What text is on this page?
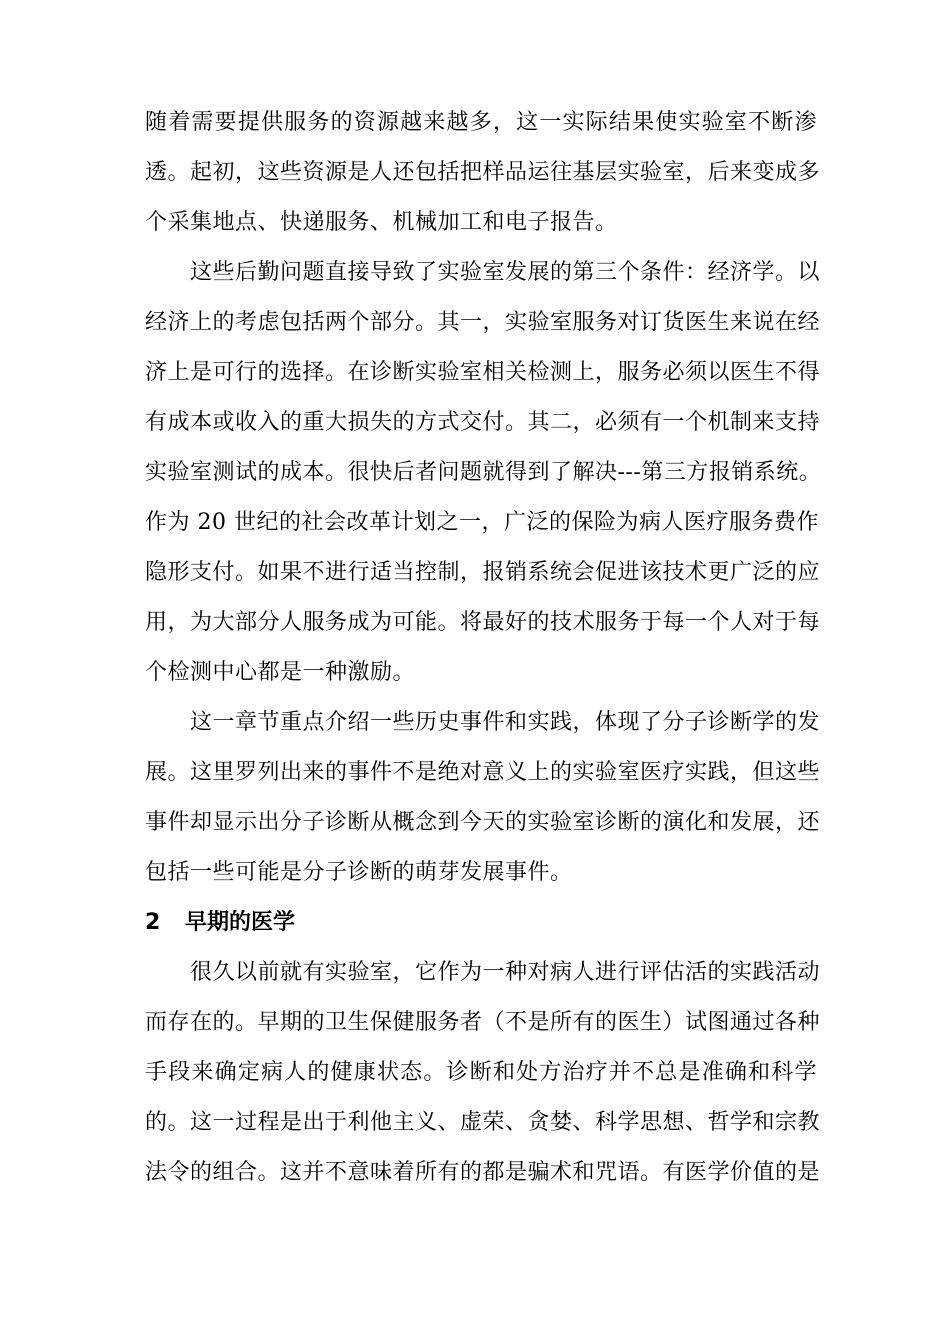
随着需要提供服务的资源越来越多，这一实际结果使实验室不断渗
透。起初，这些资源是人还包括把样品运往基层实验室，后来变成多
个采集地点、快递服务、机械加工和电子报告。
这些后勤问题直接导致了实验室发展的第三个条件：经济学。以
经济上的考虑包括两个部分。其一，实验室服务对订货医生来说在经
济上是可行的选择。在诊断实验室相关检测上，服务必须以医生不得
有成本或收入的重大损失的方式交付。其二，必须有一个机制来支持
实验室测试的成本。很快后者问题就得到了解决---第三方报销系统。
作为 20 世纪的社会改革计划之一，广泛的保险为病人医疗服务费作
隐形支付。如果不进行适当控制，报销系统会促进该技术更广泛的应
用，为大部分人服务成为可能。将最好的技术服务于每一个人对于每
个检测中心都是一种激励。
这一章节重点介绍一些历史事件和实践，体现了分子诊断学的发
展。这里罗列出来的事件不是绝对意义上的实验室医疗实践，但这些
事件却显示出分子诊断从概念到今天的实验室诊断的演化和发展，还
包括一些可能是分子诊断的萌芽发展事件。
2 早期的医学
很久以前就有实验室，它作为一种对病人进行评估活的实践活动
而存在的。早期的卫生保健服务者（不是所有的医生）试图通过各种
手段来确定病人的健康状态。诊断和处方治疗并不总是准确和科学
的。这一过程是出于利他主义、虚荣、贪婪、科学思想、哲学和宗教
法令的组合。这并不意味着所有的都是骗术和咒语。有医学价值的是
